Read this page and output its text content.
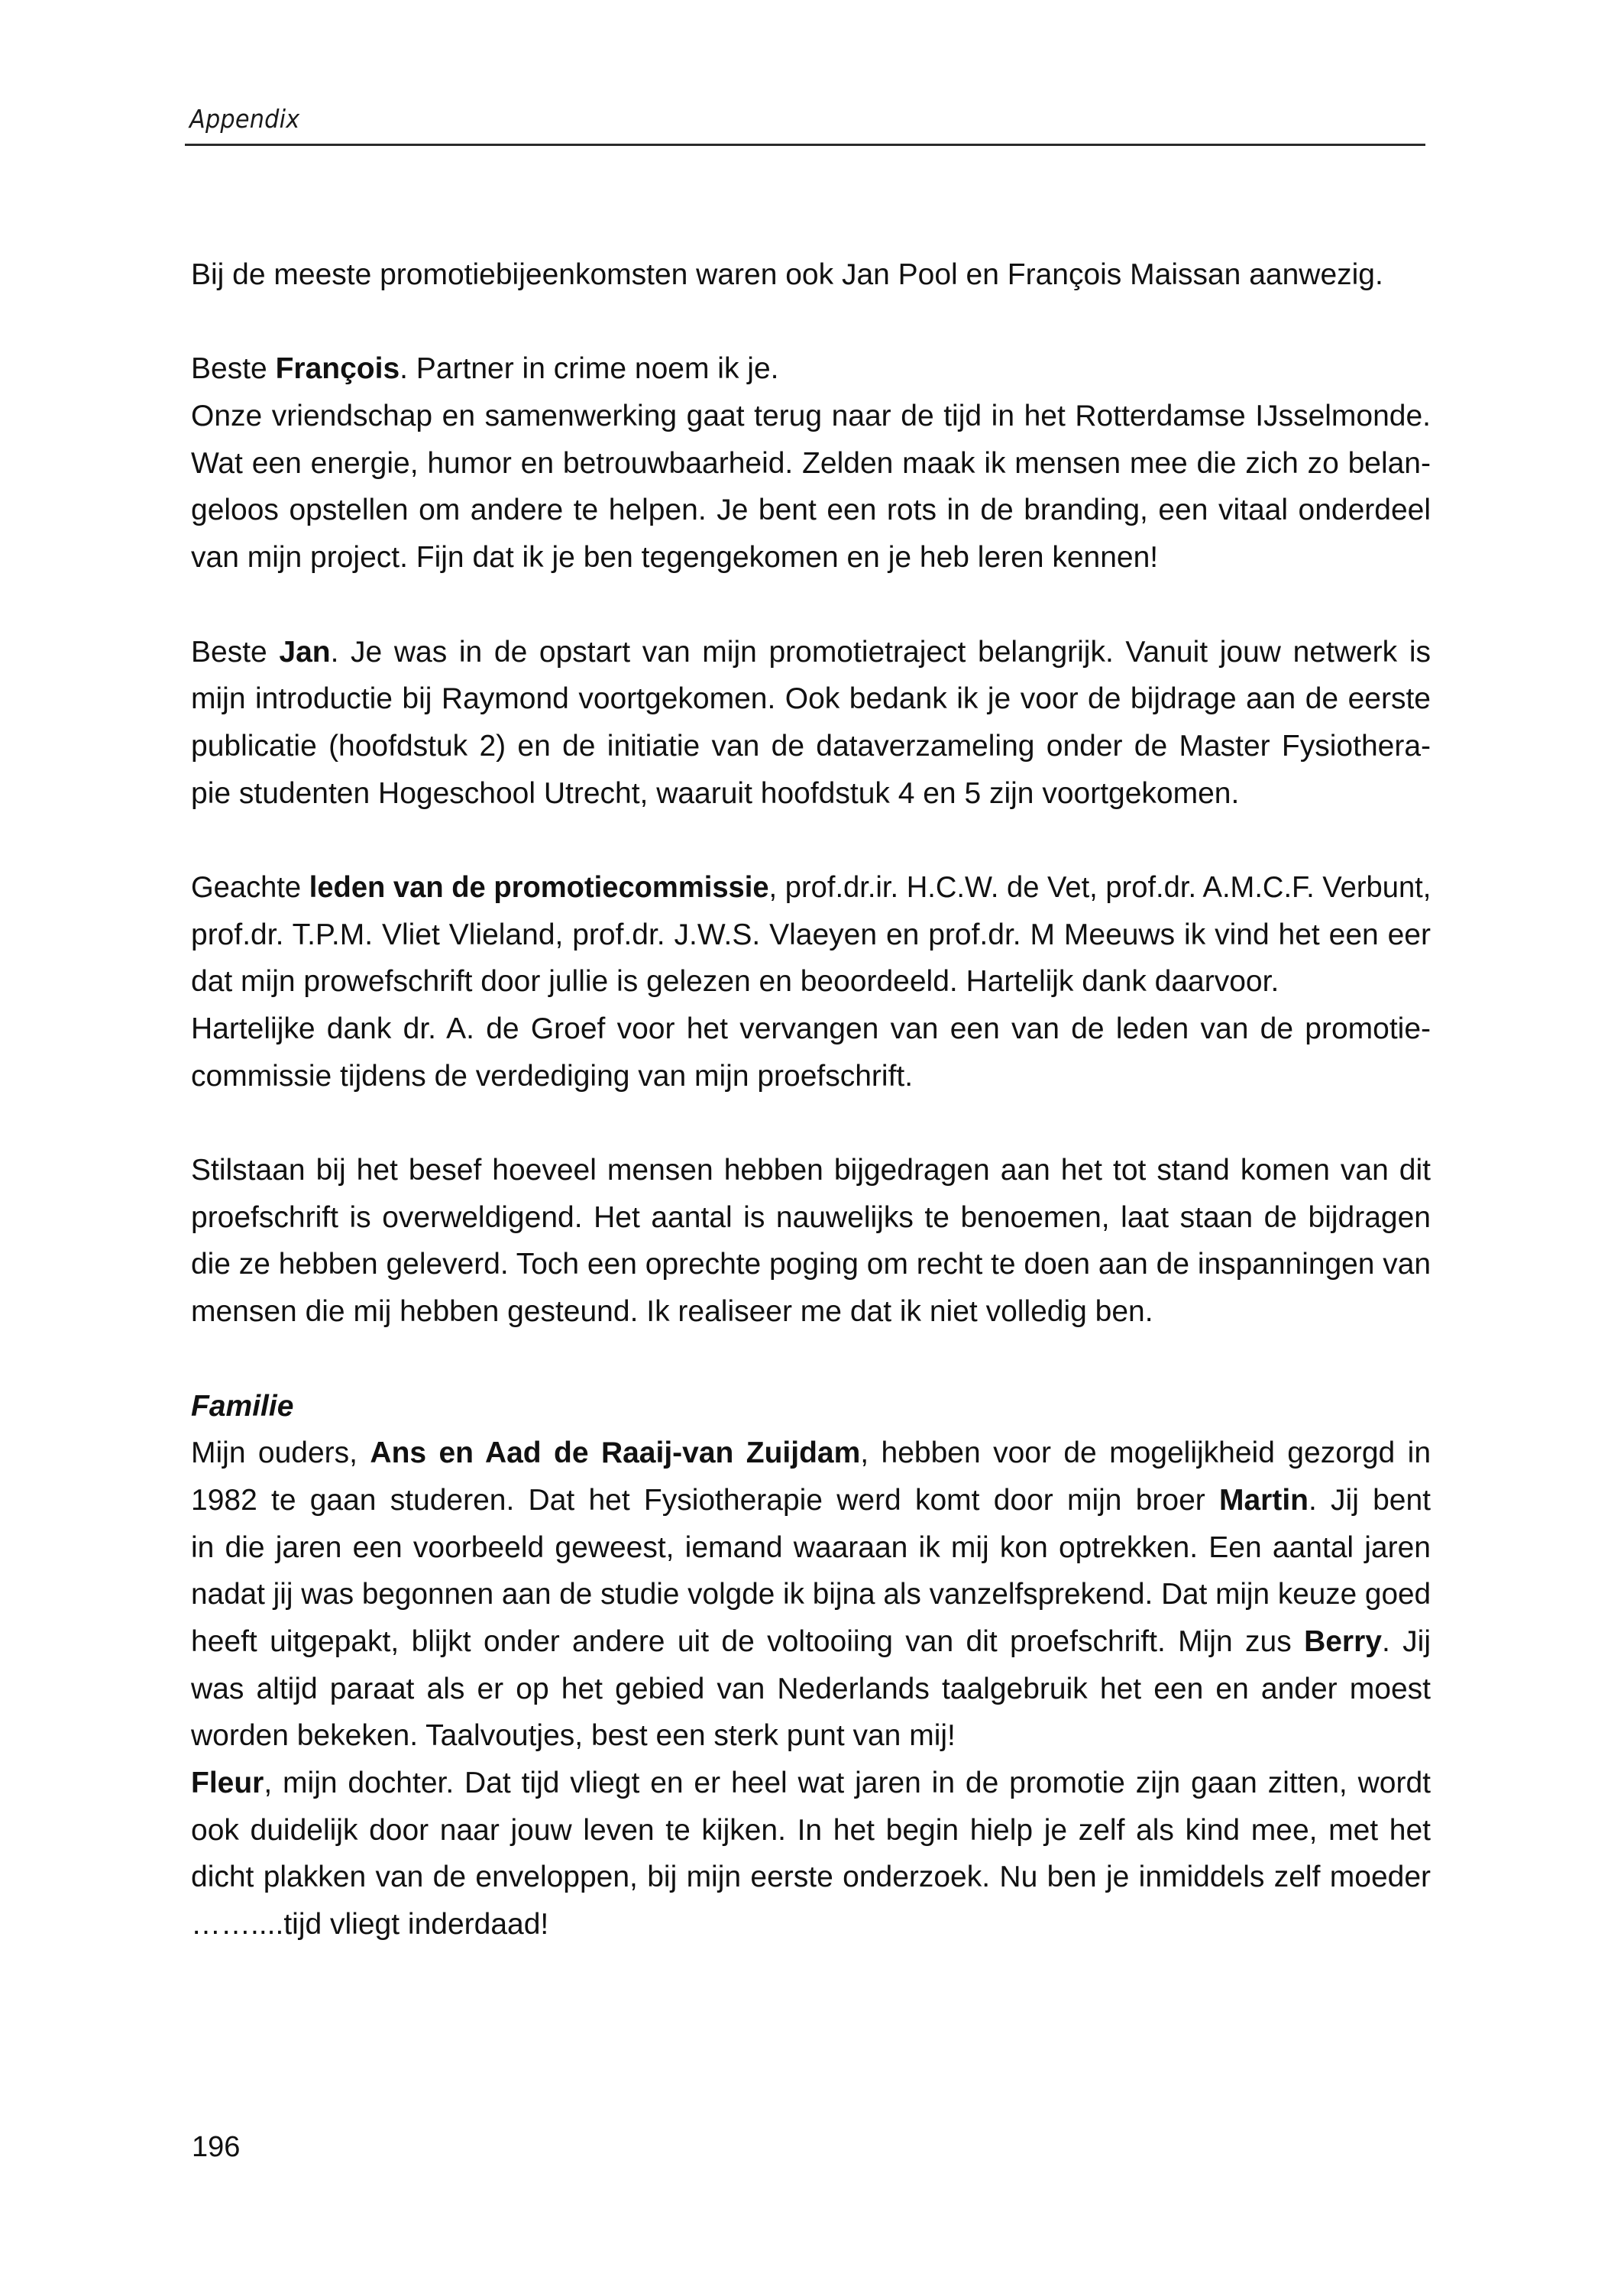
Appendix
Bij de meeste promotiebijeenkomsten waren ook Jan Pool en François Maissan aanwezig.
Beste François. Partner in crime noem ik je.
Onze vriendschap en samenwerking gaat terug naar de tijd in het Rotterdamse IJsselmonde.
Wat een energie, humor en betrouwbaarheid. Zelden maak ik mensen mee die zich zo belan-
geloos opstellen om andere te helpen. Je bent een rots in de branding, een vitaal onderdeel
van mijn project. Fijn dat ik je ben tegengekomen en je heb leren kennen!
Beste Jan. Je was in de opstart van mijn promotietraject belangrijk. Vanuit jouw netwerk is
mijn introductie bij Raymond voortgekomen. Ook bedank ik je voor de bijdrage aan de eerste
publicatie (hoofdstuk 2) en de initiatie van de dataverzameling onder de Master Fysiothera-
pie studenten Hogeschool Utrecht, waaruit hoofdstuk 4 en 5 zijn voortgekomen.
Geachte leden van de promotiecommissie, prof.dr.ir. H.C.W. de Vet, prof.dr. A.M.C.F. Verbunt,
prof.dr. T.P.M. Vliet Vlieland, prof.dr. J.W.S. Vlaeyen en prof.dr. M Meeuws ik vind het een eer
dat mijn prowefschrift door jullie is gelezen en beoordeeld. Hartelijk dank daarvoor.
Hartelijke dank dr. A. de Groef voor het vervangen van een van de leden van de promotie-
commissie tijdens de verdediging van mijn proefschrift.
Stilstaan bij het besef hoeveel mensen hebben bijgedragen aan het tot stand komen van dit
proefschrift is overweldigend. Het aantal is nauwelijks te benoemen, laat staan de bijdragen
die ze hebben geleverd. Toch een oprechte poging om recht te doen aan de inspanningen van
mensen die mij hebben gesteund. Ik realiseer me dat ik niet volledig ben.
Familie
Mijn ouders, Ans en Aad de Raaij-van Zuijdam, hebben voor de mogelijkheid gezorgd in
1982 te gaan studeren. Dat het Fysiotherapie werd komt door mijn broer Martin. Jij bent
in die jaren een voorbeeld geweest, iemand waaraan ik mij kon optrekken. Een aantal jaren
nadat jij was begonnen aan de studie volgde ik bijna als vanzelfsprekend. Dat mijn keuze goed
heeft uitgepakt, blijkt onder andere uit de voltooiing van dit proefschrift. Mijn zus Berry. Jij
was altijd paraat als er op het gebied van Nederlands taalgebruik het een en ander moest
worden bekeken. Taalvoutjes, best een sterk punt van mij!
Fleur, mijn dochter. Dat tijd vliegt en er heel wat jaren in de promotie zijn gaan zitten, wordt
ook duidelijk door naar jouw leven te kijken. In het begin hielp je zelf als kind mee, met het
dicht plakken van de enveloppen, bij mijn eerste onderzoek. Nu ben je inmiddels zelf moeder
……....tijd vliegt inderdaad!
196
